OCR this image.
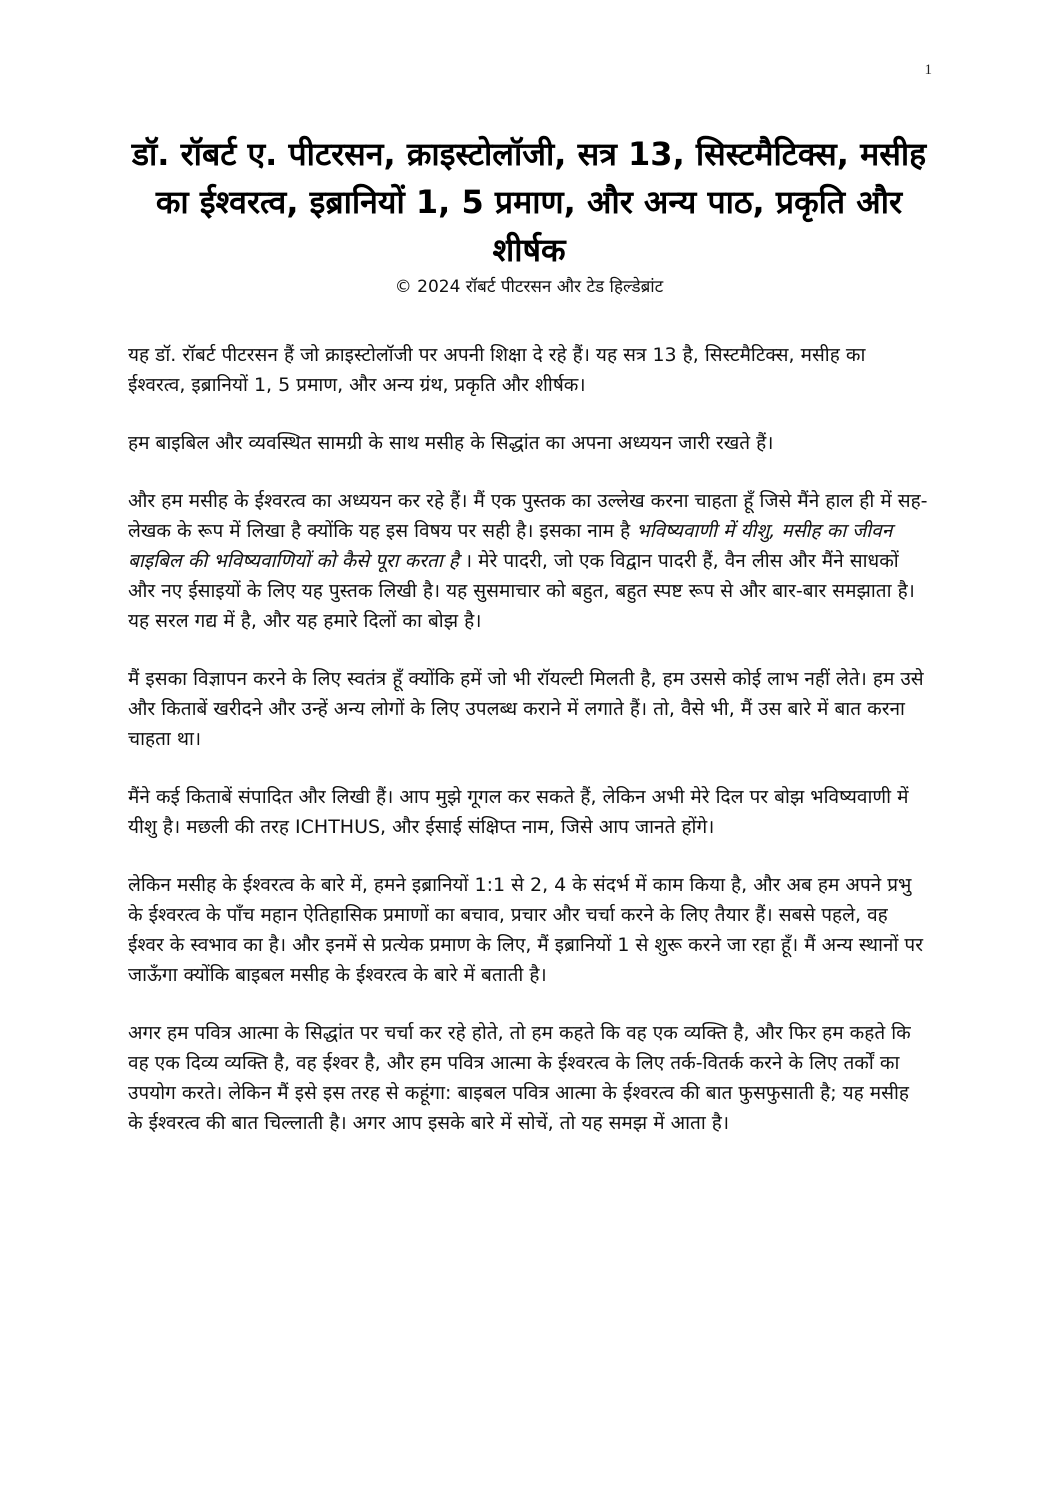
1
डॉ. रॉबर्ट ए. पीटरसन, क्राइस्टोलॉजी, सत्र 13, सिस्टमैटिक्स, मसीह का ईश्वरत्व, इब्रानियों 1, 5 प्रमाण, और अन्य पाठ, प्रकृति और शीर्षक

© 2024 रॉबर्ट पीटरसन और टेड हिल्डेब्रांट

यह डॉ. रॉबर्ट पीटरसन हैं जो क्राइस्टोलॉजी पर अपनी शिक्षा दे रहे हैं। यह सत्र 13 है, सिस्टमैटिक्स, मसीह का ईश्वरत्व, इब्रानियों 1, 5 प्रमाण, और अन्य ग्रंथ, प्रकृति और शीर्षक।

हम बाइबिल और व्यवस्थित सामग्री के साथ मसीह के सिद्धांत का अपना अध्ययन जारी रखते हैं।

और हम मसीह के ईश्वरत्व का अध्ययन कर रहे हैं। मैं एक पुस्तक का उल्लेख करना चाहता हूँ जिसे मैंने हाल ही में सह-लेखक के रूप में लिखा है क्योंकि यह इस विषय पर सही है। इसका नाम है भविष्यवाणी में यीशु, मसीह का जीवन बाइबिल की भविष्यवाणियों को कैसे पूरा करता है । मेरे पादरी, जो एक विद्वान पादरी हैं, वैन लीस और मैंने साधकों और नए ईसाइयों के लिए यह पुस्तक लिखी है। यह सुसमाचार को बहुत, बहुत स्पष्ट रूप से और बार-बार समझाता है। यह सरल गद्य में है, और यह हमारे दिलों का बोझ है।

मैं इसका विज्ञापन करने के लिए स्वतंत्र हूँ क्योंकि हमें जो भी रॉयल्टी मिलती है, हम उससे कोई लाभ नहीं लेते। हम उसे और किताबें खरीदने और उन्हें अन्य लोगों के लिए उपलब्ध कराने में लगाते हैं। तो, वैसे भी, मैं उस बारे में बात करना चाहता था।

मैंने कई किताबें संपादित और लिखी हैं। आप मुझे गूगल कर सकते हैं, लेकिन अभी मेरे दिल पर बोझ भविष्यवाणी में यीशु है। मछली की तरह ICHTHUS, और ईसाई संक्षिप्त नाम, जिसे आप जानते होंगे।

लेकिन मसीह के ईश्वरत्व के बारे में, हमने इब्रानियों 1:1 से 2, 4 के संदर्भ में काम किया है, और अब हम अपने प्रभु के ईश्वरत्व के पाँच महान ऐतिहासिक प्रमाणों का बचाव, प्रचार और चर्चा करने के लिए तैयार हैं। सबसे पहले, वह ईश्वर के स्वभाव का है। और इनमें से प्रत्येक प्रमाण के लिए, मैं इब्रानियों 1 से शुरू करने जा रहा हूँ। मैं अन्य स्थानों पर जाऊँगा क्योंकि बाइबल मसीह के ईश्वरत्व के बारे में बताती है।

अगर हम पवित्र आत्मा के सिद्धांत पर चर्चा कर रहे होते, तो हम कहते कि वह एक व्यक्ति है, और फिर हम कहते कि वह एक दिव्य व्यक्ति है, वह ईश्वर है, और हम पवित्र आत्मा के ईश्वरत्व के लिए तर्क-वितर्क करने के लिए तर्कों का उपयोग करते। लेकिन मैं इसे इस तरह से कहूंगा: बाइबल पवित्र आत्मा के ईश्वरत्व की बात फुसफुसाती है; यह मसीह के ईश्वरत्व की बात चिल्लाती है। अगर आप इसके बारे में सोचें, तो यह समझ में आता है।
